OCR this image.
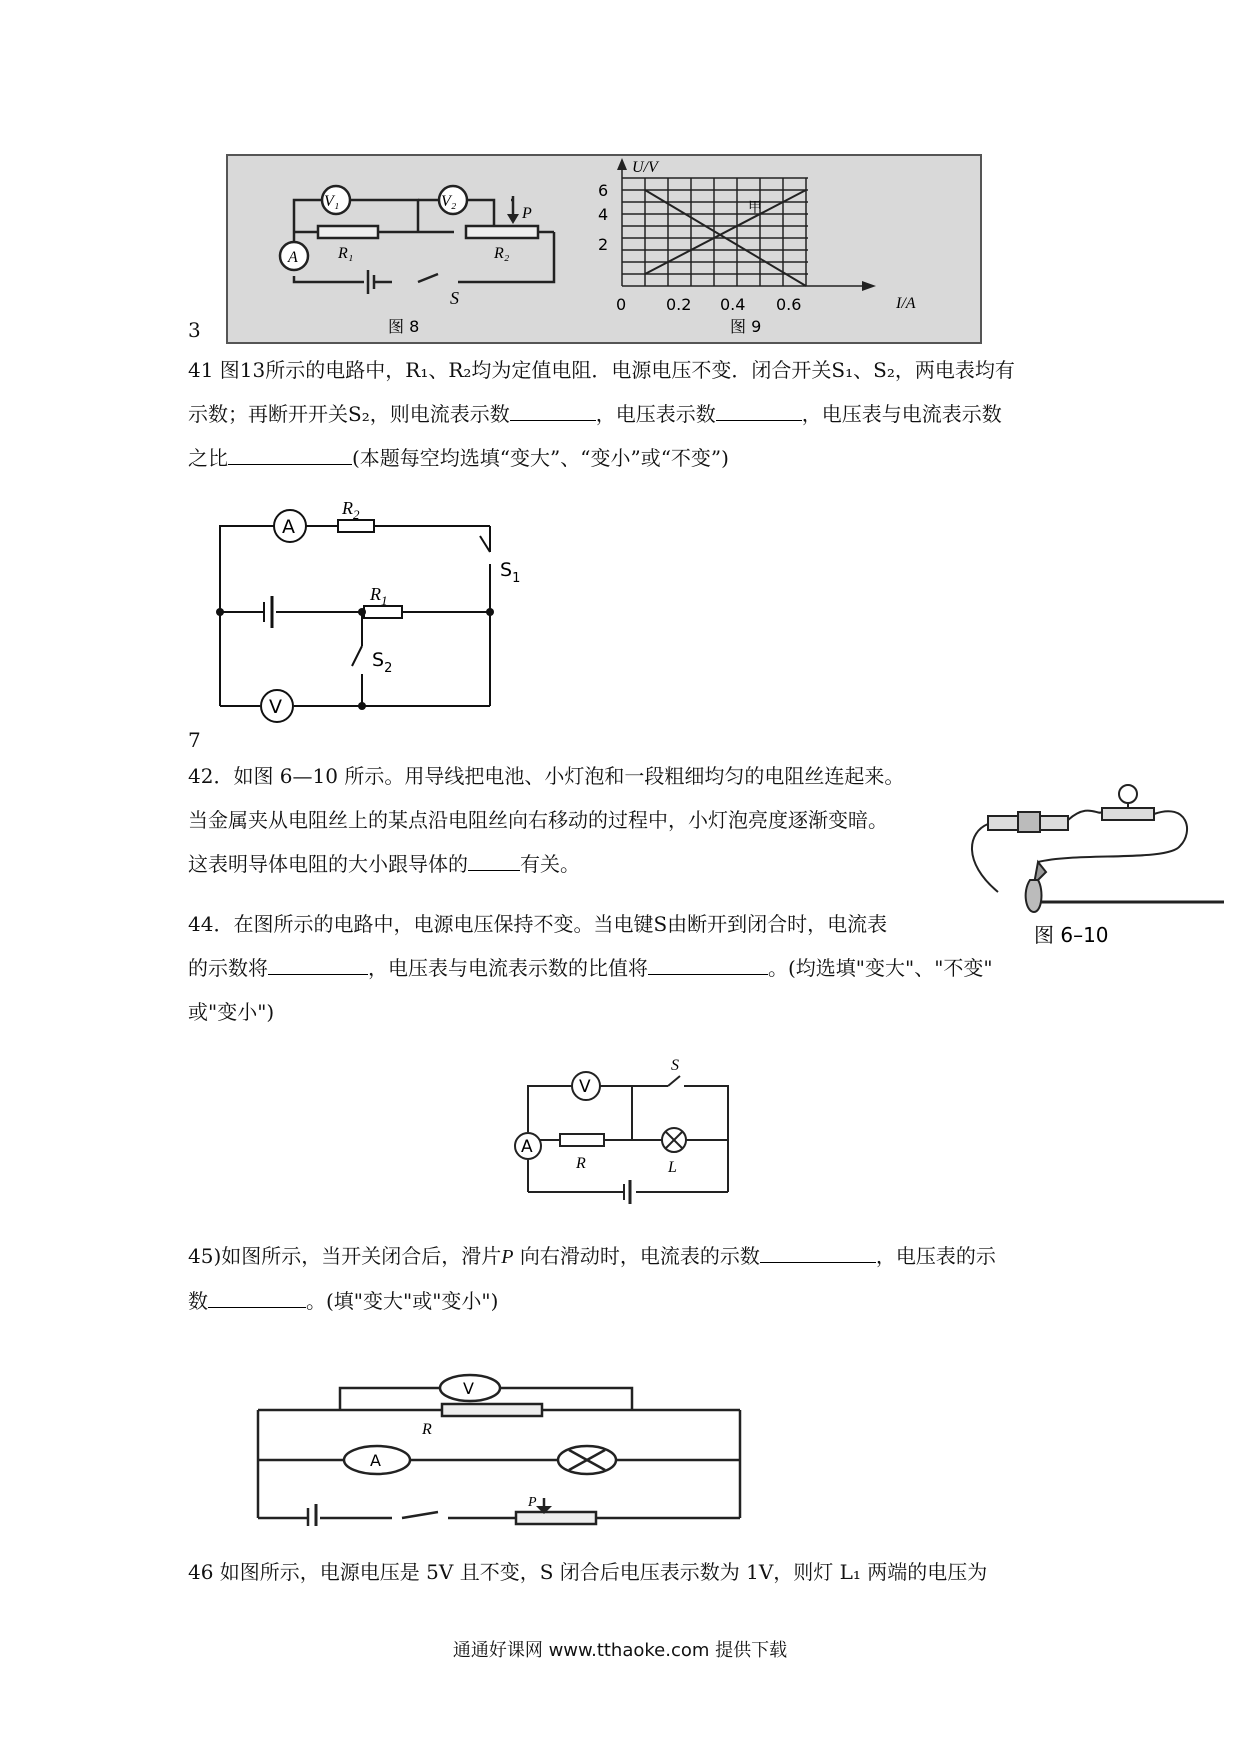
3
V₁	V₂
A	R₁	R₂
P
S
图 8
U/V
I/A
6
4
2
0 0.2 0.4 0.6
甲
图 9

41 图13所示的电路中，R₁、R₂均为定值电阻．电源电压不变．闭合开关S₁、S₂，两电表均有

示数；再断开开关S₂，则电流表示数	，电压表示数	，电压表与电流表示数

之比	(本题每空均选填“变大”、“变小”或“不变”)

A
V
$R_2$
$R_1$
$S_1$
$S_2$
7

42．如图 6—10 所示。用导线把电池、小灯泡和一段粗细均匀的电阻丝连起来。

当金属夹从电阻丝上的某点沿电阻丝向右移动的过程中，小灯泡亮度逐渐变暗。

这表明导体电阻的大小跟导体的	有关。

图 6–10

44．在图所示的电路中，电源电压保持不变。当电键S由断开到闭合时，电流表

的示数将	，电压表与电流表示数的比值将	。(均选填"变大"、"不变"

或"变小")

V
A
S
R	L

45)如图所示，当开关闭合后，滑片P 向右滑动时，电流表的示数	，电压表的示

数	。(填"变大"或"变小")

V
A
R
P

46 如图所示，电源电压是 5V 且不变，S 闭合后电压表示数为 1V，则灯 L₁ 两端的电压为

通通好课网 www.tthaoke.com 提供下载
